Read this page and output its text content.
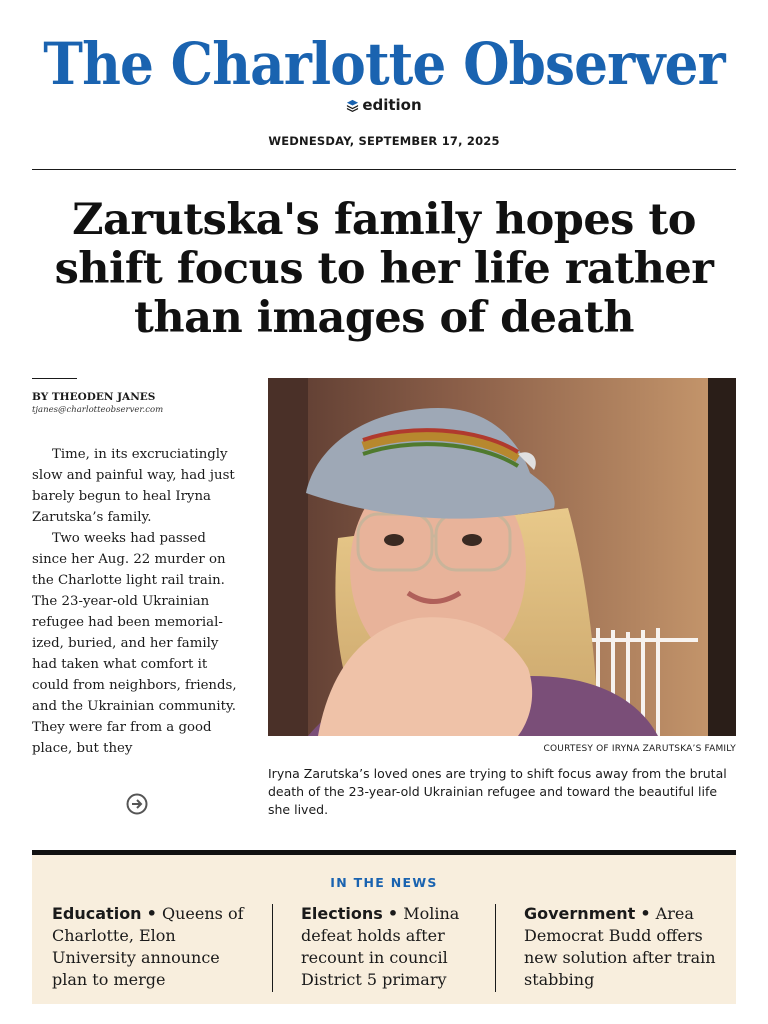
The Charlotte Observer
edition
WEDNESDAY, SEPTEMBER 17, 2025
Zarutska's family hopes to shift focus to her life rather than images of death
BY THEODEN JANES
tjanes@charlotteobserver.com

Time, in its excruciatingly slow and painful way, had just barely begun to heal Iryna Zarutska’s family.

Two weeks had passed since her Aug. 22 murder on the Charlotte light rail train. The 23-year-old Ukrainian refugee had been memorial-ized, buried, and her family had taken what comfort it could from neighbors, friends, and the Ukrainian community. They were far from a good place, but they	COURTESY OF IRYNA ZARUTSKA’S FAMILY
Iryna Zarutska’s loved ones are trying to shift focus away from the brutal death of the 23-year-old Ukrainian refugee and toward the beautiful life she lived.
IN THE NEWS
Education • Queens of Charlotte, Elon University announce plan to merge
Elections • Molina defeat holds after recount in council District 5 primary
Government • Area Democrat Budd offers new solution after train stabbing
